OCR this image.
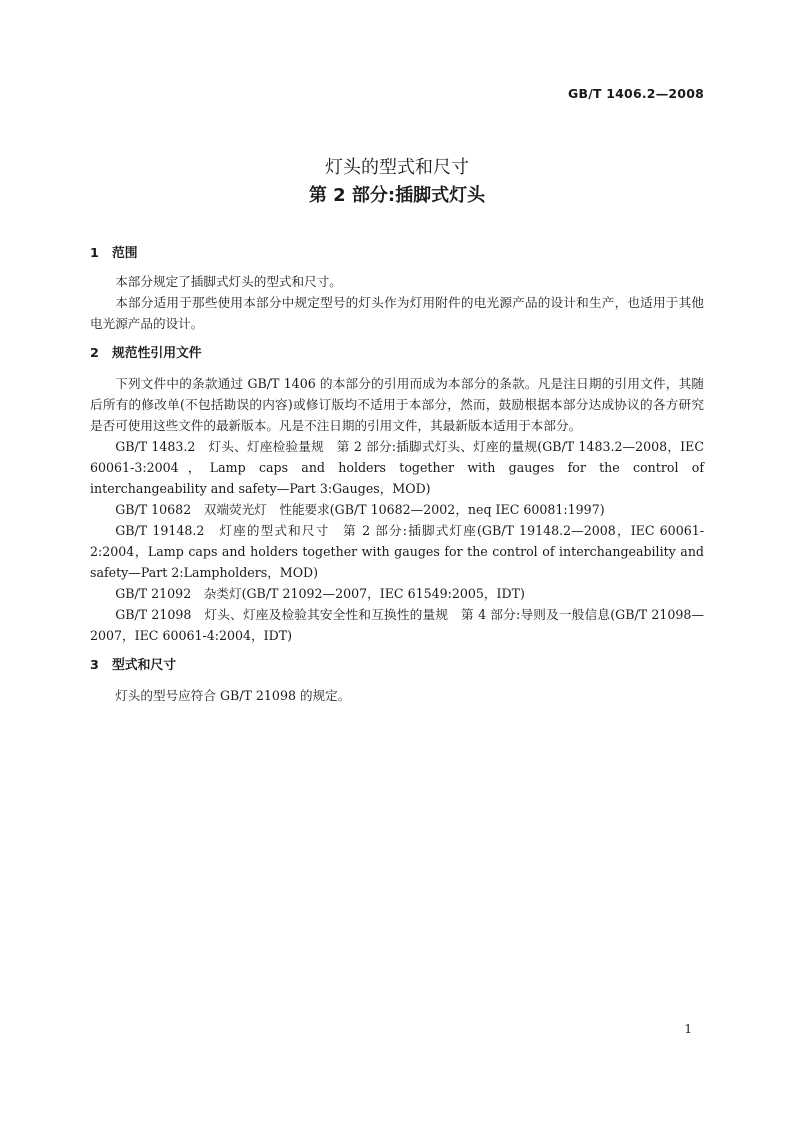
GB/T 1406.2—2008
灯头的型式和尺寸
第 2 部分:插脚式灯头
1 范围

本部分规定了插脚式灯头的型式和尺寸。

本部分适用于那些使用本部分中规定型号的灯头作为灯用附件的电光源产品的设计和生产，也适用于其他电光源产品的设计。

2 规范性引用文件

下列文件中的条款通过 GB/T 1406 的本部分的引用而成为本部分的条款。凡是注日期的引用文件，其随后所有的修改单(不包括勘误的内容)或修订版均不适用于本部分，然而，鼓励根据本部分达成协议的各方研究是否可使用这些文件的最新版本。凡是不注日期的引用文件，其最新版本适用于本部分。

GB/T 1483.2　灯头、灯座检验量规　第 2 部分:插脚式灯头、灯座的量规(GB/T 1483.2—2008，IEC 60061-3:2004，Lamp caps and holders together with gauges for the control of interchangeability and safety—Part 3:Gauges，MOD)

GB/T 10682　双端荧光灯　性能要求(GB/T 10682—2002，neq IEC 60081:1997)

GB/T 19148.2　灯座的型式和尺寸　第 2 部分:插脚式灯座(GB/T 19148.2—2008，IEC 60061-2:2004，Lamp caps and holders together with gauges for the control of interchangeability and safety—Part 2:Lampholders，MOD)

GB/T 21092　杂类灯(GB/T 21092—2007，IEC 61549:2005，IDT)

GB/T 21098　灯头、灯座及检验其安全性和互换性的量规　第 4 部分:导则及一般信息(GB/T 21098—2007，IEC 60061-4:2004，IDT)

3 型式和尺寸

灯头的型号应符合 GB/T 21098 的规定。

1
